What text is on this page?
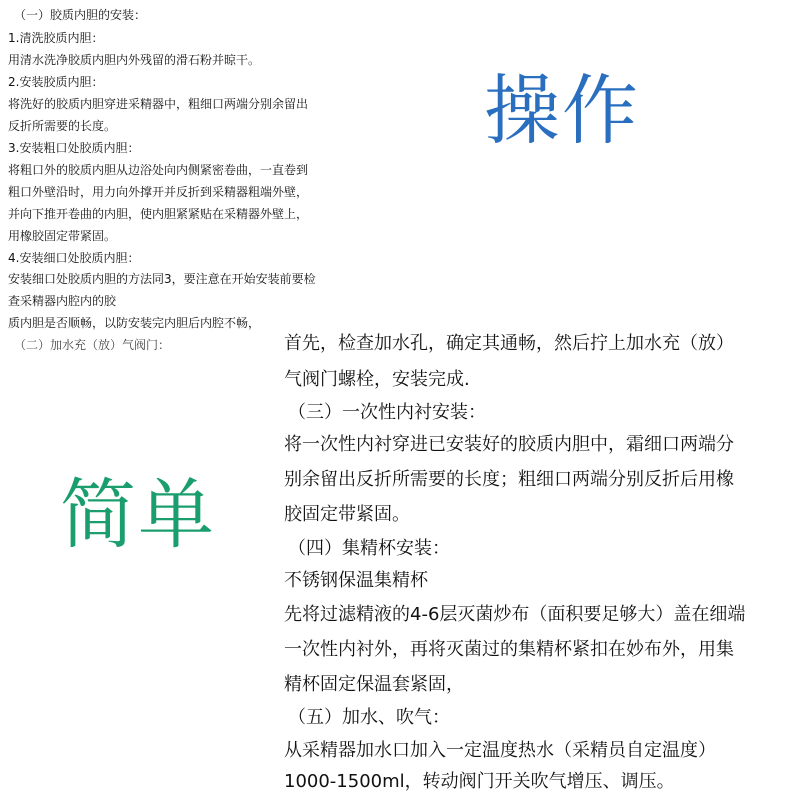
（一）胶质内胆的安装：
1.清洗胶质内胆：
用清水洗净胶质内胆内外残留的滑石粉并晾干。
2.安装胶质内胆：
将洗好的胶质内胆穿进采精器中，粗细口两端分别余留出
反折所需要的长度。
3.安装粗口处胶质内胆：
将粗口外的胶质内胆从边浴处向内侧紧密卷曲，一直卷到
粗口外壁沿时，用力向外撑开并反折到采精器粗端外壁，
并向下推开卷曲的内胆，使内胆紧紧贴在采精器外壁上，
用橡胶固定带紧固。
4.安装细口处胶质内胆：
安装细口处胶质内胆的方法同3，要注意在开始安装前要检
查采精器内腔内的胶
质内胆是否顺畅，以防安装完内胆后内腔不畅，
（二）加水充（放）气阀门：
操作
简单
首先，检查加水孔，确定其通畅，然后拧上加水充（放）
气阀门螺栓，安装完成.
（三）一次性内衬安装：
将一次性内衬穿进已安装好的胶质内胆中，霜细口两端分
别余留出反折所需要的长度；粗细口两端分别反折后用橡
胶固定带紧固。
（四）集精杯安装：
不锈钢保温集精杯
先将过滤精液的4-6层灭菌炒布（面积要足够大）盖在细端
一次性内衬外，再将灭菌过的集精杯紧扣在妙布外，用集
精杯固定保温套紧固，
（五）加水、吹气：
从采精器加水口加入一定温度热水（采精员自定温度）
1000-1500ml，转动阀门开关吹气增压、调压。
